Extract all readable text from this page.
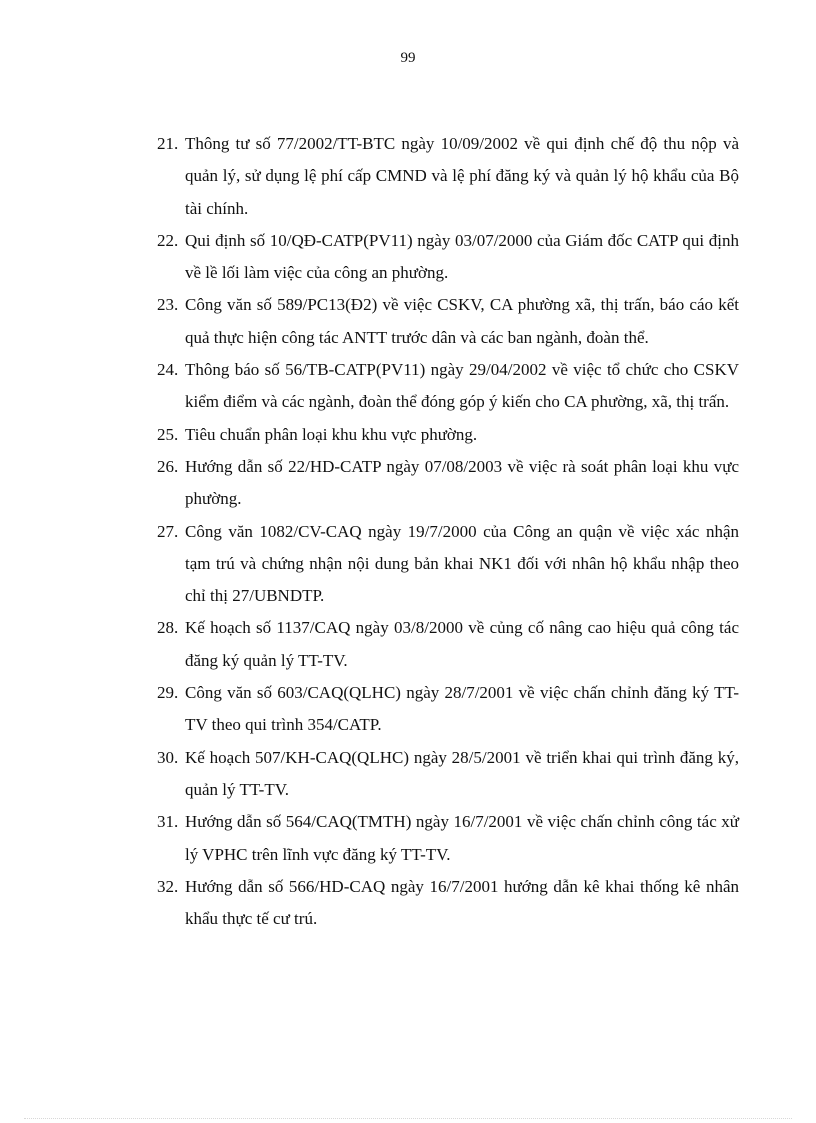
99
21. Thông tư số 77/2002/TT-BTC ngày 10/09/2002 về qui định chế độ thu nộp và quản lý, sử dụng lệ phí cấp CMND và lệ phí đăng ký và quản lý hộ khẩu của Bộ tài chính.
22. Qui định số 10/QĐ-CATP(PV11) ngày 03/07/2000 của Giám đốc CATP qui định về lề lối làm việc của công an phường.
23. Công văn số 589/PC13(Đ2) về việc CSKV, CA phường xã, thị trấn, báo cáo kết quả thực hiện công tác ANTT trước dân và các ban ngành, đoàn thể.
24. Thông báo số 56/TB-CATP(PV11) ngày 29/04/2002 về việc tổ chức cho CSKV kiểm điểm và các ngành, đoàn thể đóng góp ý kiến cho CA phường, xã, thị trấn.
25. Tiêu chuẩn phân loại khu khu vực phường.
26. Hướng dẫn số 22/HD-CATP ngày 07/08/2003 về việc rà soát phân loại khu vực phường.
27. Công văn 1082/CV-CAQ ngày 19/7/2000 của Công an quận về việc xác nhận tạm trú và chứng nhận nội dung bản khai NK1 đối với nhân hộ khẩu nhập theo chỉ thị 27/UBNDTP.
28. Kế hoạch số 1137/CAQ ngày 03/8/2000 về củng cố nâng cao hiệu quả công tác đăng ký quản lý TT-TV.
29. Công văn số 603/CAQ(QLHC) ngày 28/7/2001 về việc chấn chỉnh đăng ký TT-TV theo qui trình 354/CATP.
30. Kế hoạch 507/KH-CAQ(QLHC) ngày 28/5/2001 về triển khai qui trình đăng ký, quản lý TT-TV.
31. Hướng dẫn số 564/CAQ(TMTH) ngày 16/7/2001 về việc chấn chỉnh công tác xử lý VPHC trên lĩnh vực đăng ký TT-TV.
32. Hướng dẫn số 566/HD-CAQ ngày 16/7/2001 hướng dẫn kê khai thống kê nhân khẩu thực tế cư trú.
